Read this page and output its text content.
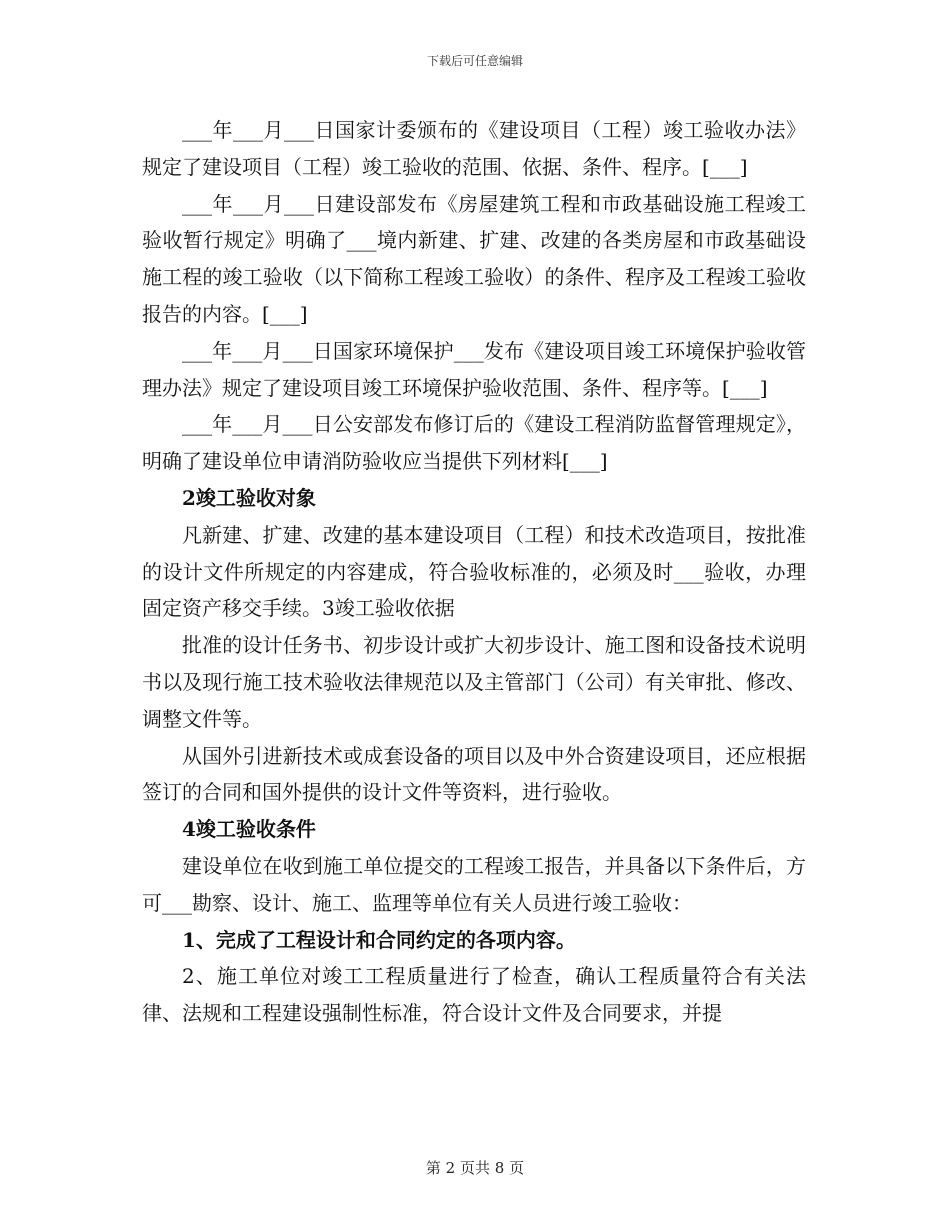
下载后可任意编辑

___年___月___日国家计委颁布的《建设项目（工程）竣工验收办法》规定了建设项目（工程）竣工验收的范围、依据、条件、程序。[___]

___年___月___日建设部发布《房屋建筑工程和市政基础设施工程竣工验收暂行规定》明确了___境内新建、扩建、改建的各类房屋和市政基础设施工程的竣工验收（以下简称工程竣工验收）的条件、程序及工程竣工验收报告的内容。[___]

___年___月___日国家环境保护___发布《建设项目竣工环境保护验收管理办法》规定了建设项目竣工环境保护验收范围、条件、程序等。[___]

___年___月___日公安部发布修订后的《建设工程消防监督管理规定》，明确了建设单位申请消防验收应当提供下列材料[___]

2竣工验收对象

凡新建、扩建、改建的基本建设项目（工程）和技术改造项目，按批准的设计文件所规定的内容建成，符合验收标准的，必须及时___验收，办理固定资产移交手续。3竣工验收依据

批准的设计任务书、初步设计或扩大初步设计、施工图和设备技术说明书以及现行施工技术验收法律规范以及主管部门（公司）有关审批、修改、调整文件等。

从国外引进新技术或成套设备的项目以及中外合资建设项目，还应根据签订的合同和国外提供的设计文件等资料，进行验收。

4竣工验收条件

建设单位在收到施工单位提交的工程竣工报告，并具备以下条件后，方可___勘察、设计、施工、监理等单位有关人员进行竣工验收：

1、完成了工程设计和合同约定的各项内容。

2、施工单位对竣工工程质量进行了检查，确认工程质量符合有关法律、法规和工程建设强制性标准，符合设计文件及合同要求，并提

第 2 页共 8 页
